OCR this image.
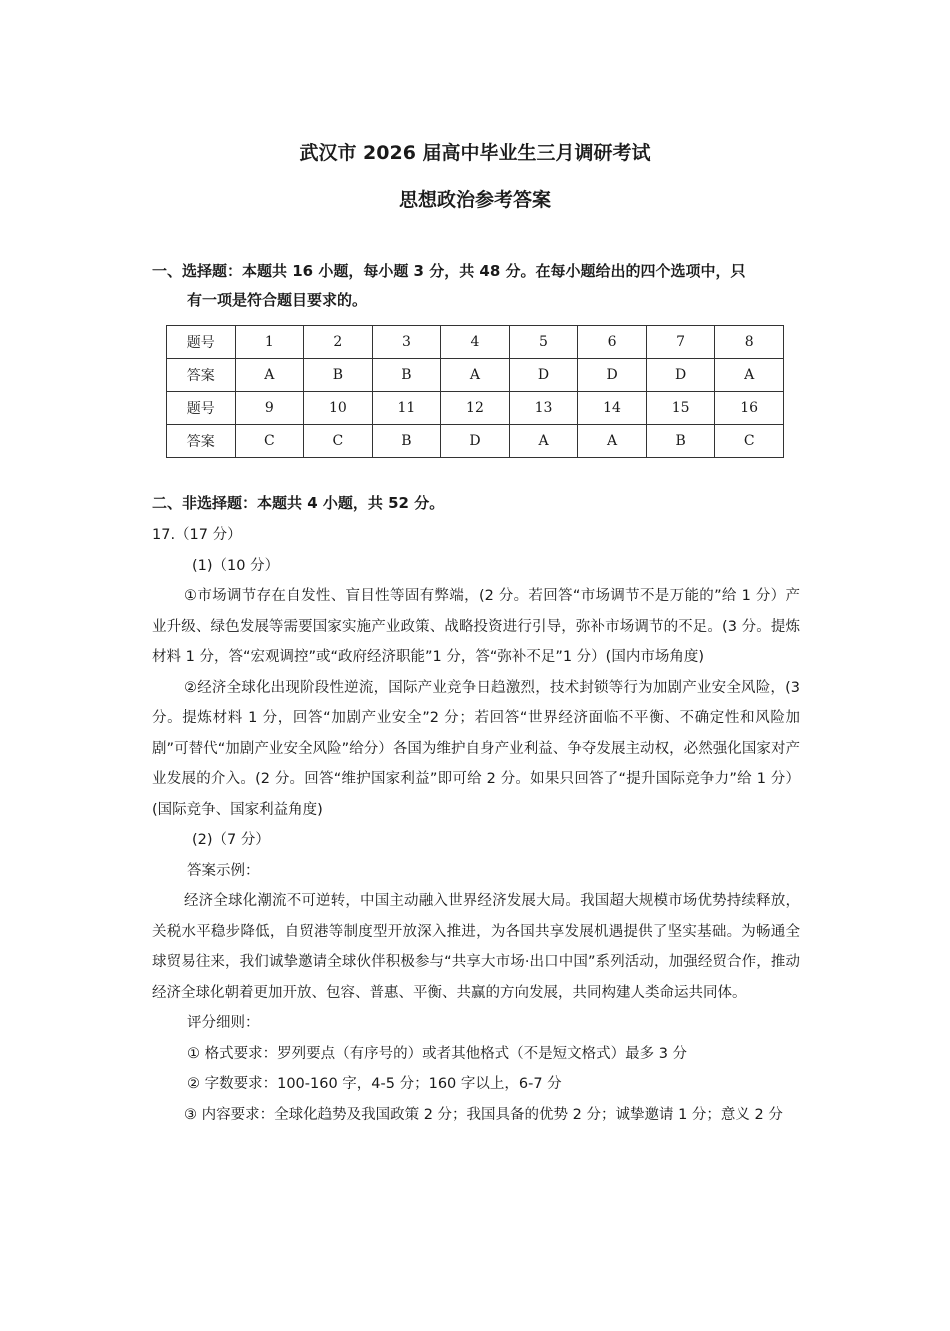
武汉市 2026 届高中毕业生三月调研考试
思想政治参考答案
一、选择题：本题共 16 小题，每小题 3 分，共 48 分。在每小题给出的四个选项中，只
有一项是符合题目要求的。
题号	1	2	3	4	5	6	7	8
答案	A	B	B	A	D	D	D	A
题号	9	10	11	12	13	14	15	16
答案	C	C	B	D	A	A	B	C
二、非选择题：本题共 4 小题，共 52 分。

17.（17 分）

(1)（10 分）

①市场调节存在自发性、盲目性等固有弊端，(2 分。若回答“市场调节不是万能的”给 1 分）产业升级、绿色发展等需要国家实施产业政策、战略投资进行引导，弥补市场调节的不足。(3 分。提炼材料 1 分，答“宏观调控”或“政府经济职能”1 分，答“弥补不足”1 分）(国内市场角度)

②经济全球化出现阶段性逆流，国际产业竞争日趋激烈，技术封锁等行为加剧产业安全风险，(3 分。提炼材料 1 分，回答“加剧产业安全”2 分；若回答“世界经济面临不平衡、不确定性和风险加剧”可替代“加剧产业安全风险”给分）各国为维护自身产业利益、争夺发展主动权，必然强化国家对产业发展的介入。(2 分。回答“维护国家利益”即可给 2 分。如果只回答了“提升国际竞争力”给 1 分）(国际竞争、国家利益角度)

(2)（7 分）

答案示例：

经济全球化潮流不可逆转，中国主动融入世界经济发展大局。我国超大规模市场优势持续释放，关税水平稳步降低，自贸港等制度型开放深入推进，为各国共享发展机遇提供了坚实基础。为畅通全球贸易往来，我们诚挚邀请全球伙伴积极参与“共享大市场·出口中国”系列活动，加强经贸合作，推动经济全球化朝着更加开放、包容、普惠、平衡、共赢的方向发展，共同构建人类命运共同体。

评分细则：

① 格式要求：罗列要点（有序号的）或者其他格式（不是短文格式）最多 3 分

② 字数要求：100-160 字，4-5 分；160 字以上，6-7 分

③ 内容要求：全球化趋势及我国政策 2 分；我国具备的优势 2 分；诚挚邀请 1 分；意义 2 分
